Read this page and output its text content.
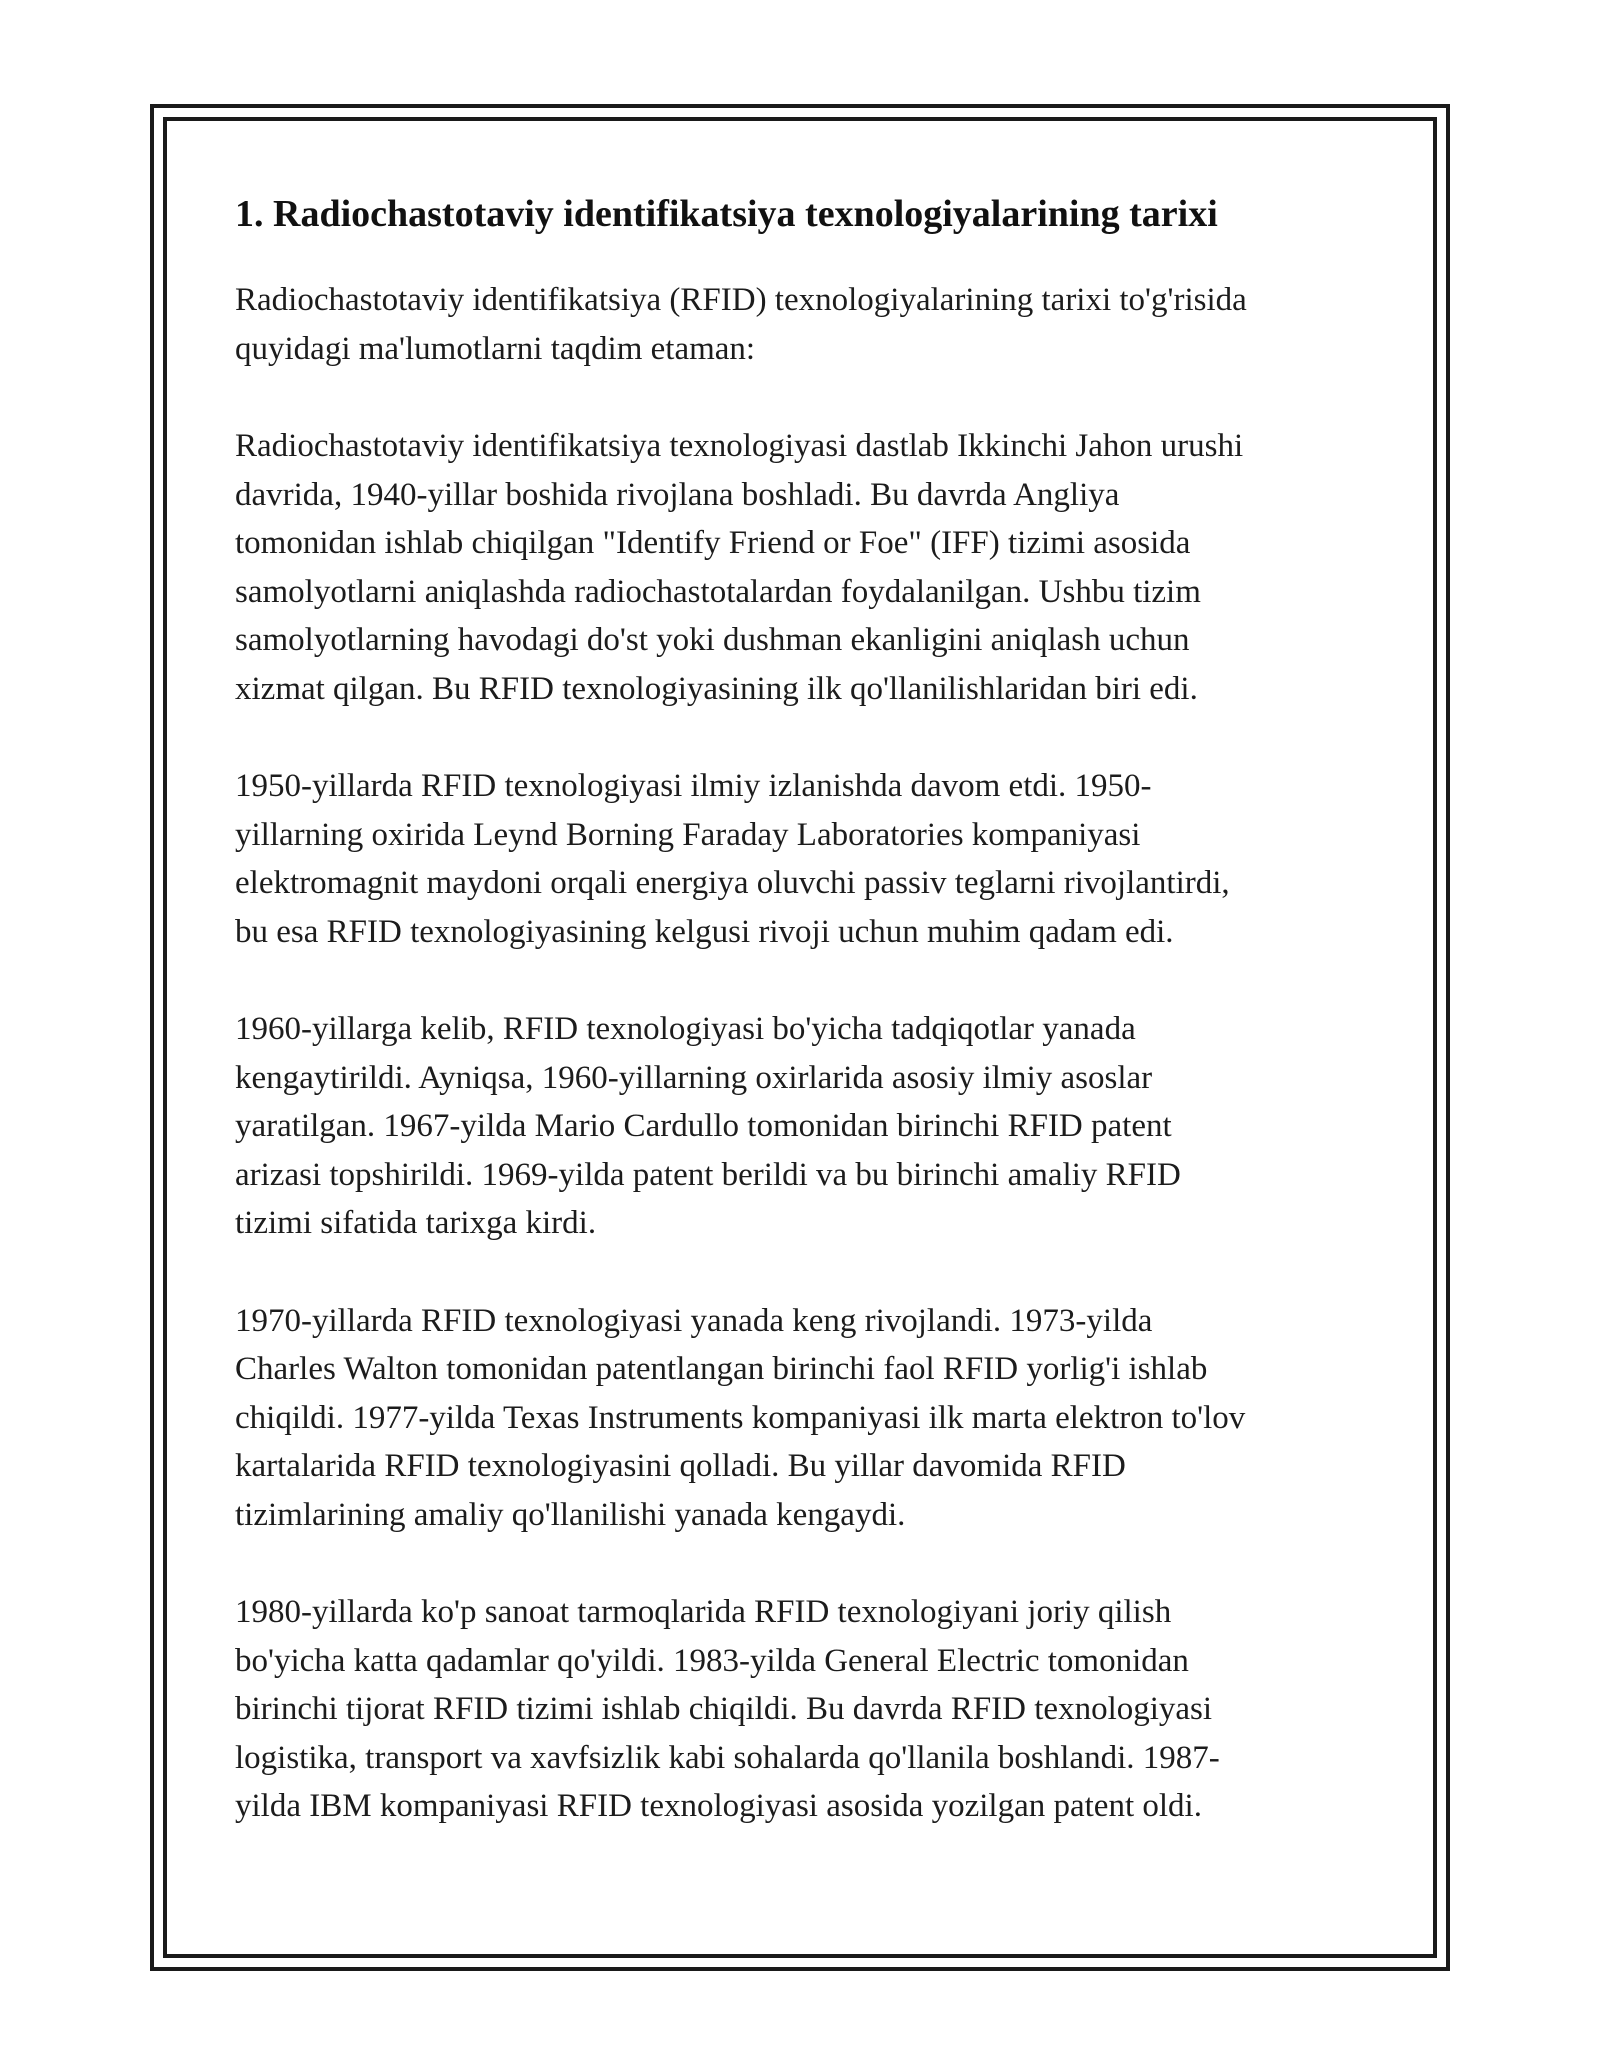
1. Radiochastotaviy identifikatsiya texnologiyalarining tarixi

Radiochastotaviy identifikatsiya (RFID) texnologiyalarining tarixi to'g'risida
quyidagi ma'lumotlarni taqdim etaman:

Radiochastotaviy identifikatsiya texnologiyasi dastlab Ikkinchi Jahon urushi
davrida, 1940-yillar boshida rivojlana boshladi. Bu davrda Angliya
tomonidan ishlab chiqilgan "Identify Friend or Foe" (IFF) tizimi asosida
samolyotlarni aniqlashda radiochastotalardan foydalanilgan. Ushbu tizim
samolyotlarning havodagi do'st yoki dushman ekanligini aniqlash uchun
xizmat qilgan. Bu RFID texnologiyasining ilk qo'llanilishlaridan biri edi.

1950-yillarda RFID texnologiyasi ilmiy izlanishda davom etdi. 1950-
yillarning oxirida Leynd Borning Faraday Laboratories kompaniyasi
elektromagnit maydoni orqali energiya oluvchi passiv teglarni rivojlantirdi,
bu esa RFID texnologiyasining kelgusi rivoji uchun muhim qadam edi.

1960-yillarga kelib, RFID texnologiyasi bo'yicha tadqiqotlar yanada
kengaytirildi. Ayniqsa, 1960-yillarning oxirlarida asosiy ilmiy asoslar
yaratilgan. 1967-yilda Mario Cardullo tomonidan birinchi RFID patent
arizasi topshirildi. 1969-yilda patent berildi va bu birinchi amaliy RFID
tizimi sifatida tarixga kirdi.

1970-yillarda RFID texnologiyasi yanada keng rivojlandi. 1973-yilda
Charles Walton tomonidan patentlangan birinchi faol RFID yorlig'i ishlab
chiqildi. 1977-yilda Texas Instruments kompaniyasi ilk marta elektron to'lov
kartalarida RFID texnologiyasini qolladi. Bu yillar davomida RFID
tizimlarining amaliy qo'llanilishi yanada kengaydi.

1980-yillarda ko'p sanoat tarmoqlarida RFID texnologiyani joriy qilish
bo'yicha katta qadamlar qo'yildi. 1983-yilda General Electric tomonidan
birinchi tijorat RFID tizimi ishlab chiqildi. Bu davrda RFID texnologiyasi
logistika, transport va xavfsizlik kabi sohalarda qo'llanila boshlandi. 1987-
yilda IBM kompaniyasi RFID texnologiyasi asosida yozilgan patent oldi.
